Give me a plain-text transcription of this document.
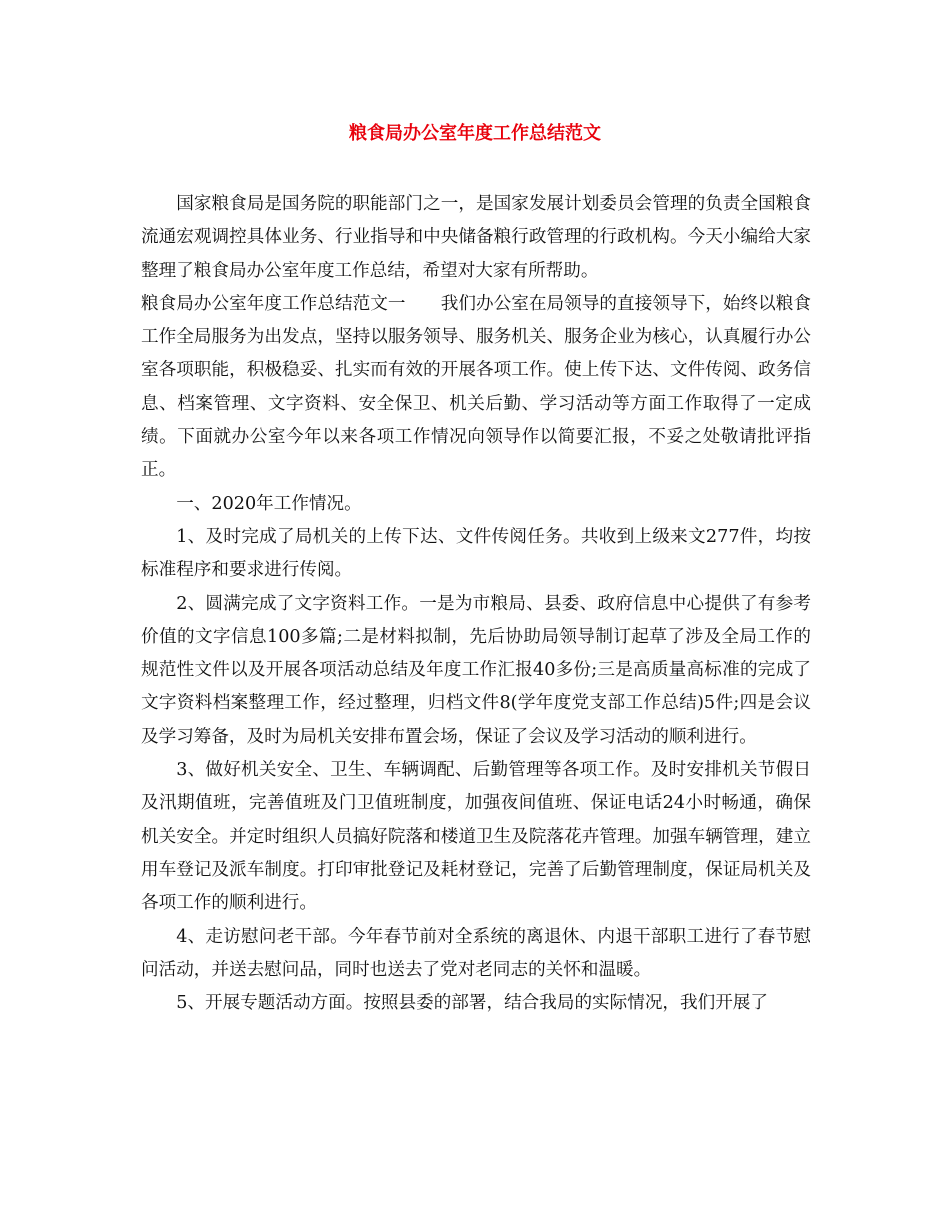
粮食局办公室年度工作总结范文

国家粮食局是国务院的职能部门之一，是国家发展计划委员会管理的负责全国粮食流通宏观调控具体业务、行业指导和中央储备粮行政管理的行政机构。今天小编给大家整理了粮食局办公室年度工作总结，希望对大家有所帮助。

粮食局办公室年度工作总结范文一 我们办公室在局领导的直接领导下，始终以粮食工作全局服务为出发点，坚持以服务领导、服务机关、服务企业为核心，认真履行办公室各项职能，积极稳妥、扎实而有效的开展各项工作。使上传下达、文件传阅、政务信息、档案管理、文字资料、安全保卫、机关后勤、学习活动等方面工作取得了一定成绩。下面就办公室今年以来各项工作情况向领导作以简要汇报，不妥之处敬请批评指正。

一、2020年工作情况。

1、及时完成了局机关的上传下达、文件传阅任务。共收到上级来文277件，均按标准程序和要求进行传阅。

2、圆满完成了文字资料工作。一是为市粮局、县委、政府信息中心提供了有参考价值的文字信息100多篇;二是材料拟制，先后协助局领导制订起草了涉及全局工作的规范性文件以及开展各项活动总结及年度工作汇报40多份;三是高质量高标准的完成了文字资料档案整理工作，经过整理，归档文件8(学年度党支部工作总结)5件;四是会议及学习筹备，及时为局机关安排布置会场，保证了会议及学习活动的顺利进行。

3、做好机关安全、卫生、车辆调配、后勤管理等各项工作。及时安排机关节假日及汛期值班，完善值班及门卫值班制度，加强夜间值班、保证电话24小时畅通，确保机关安全。并定时组织人员搞好院落和楼道卫生及院落花卉管理。加强车辆管理，建立用车登记及派车制度。打印审批登记及耗材登记，完善了后勤管理制度，保证局机关及各项工作的顺利进行。

4、走访慰问老干部。今年春节前对全系统的离退休、内退干部职工进行了春节慰问活动，并送去慰问品，同时也送去了党对老同志的关怀和温暖。

5、开展专题活动方面。按照县委的部署，结合我局的实际情况，我们开展了
